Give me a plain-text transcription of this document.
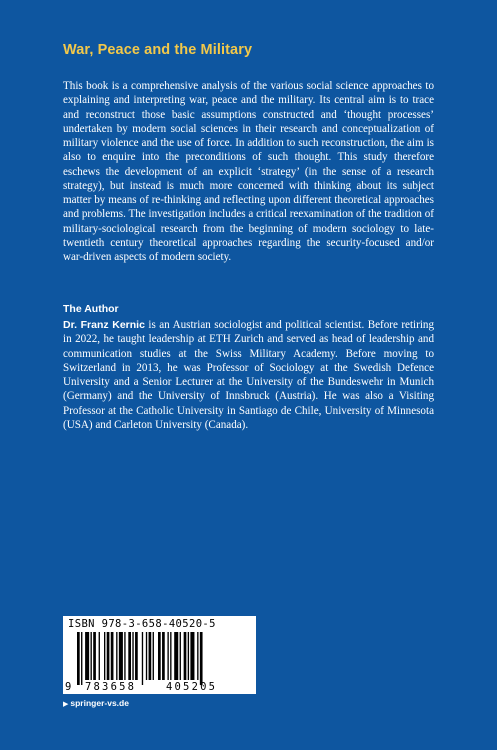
War, Peace and the Military

This book is a comprehensive analysis of the various social science approaches to explaining and interpreting war, peace and the military. Its central aim is to trace and reconstruct those basic assumptions constructed and ‘thought processes’ undertaken by modern social sciences in their research and conceptualization of military violence and the use of force. In addition to such reconstruction, the aim is also to enquire into the preconditions of such thought. This study therefore eschews the development of an explicit ‘strategy’ (in the sense of a research strategy), but instead is much more concerned with thinking about its subject matter by means of re-thinking and reflecting upon different theoretical approaches and problems. The investigation includes a critical reexamination of the tradition of military-sociological research from the beginning of modern sociology to late-twentieth century theoretical approaches regarding the security-focused and/or war-driven aspects of modern society.

The Author

Dr. Franz Kernic is an Austrian sociologist and political scientist. Before retiring in 2022, he taught leadership at ETH Zurich and served as head of leadership and communication studies at the Swiss Military Academy. Before moving to Switzerland in 2013, he was Professor of Sociology at the Swedish Defence University and a Senior Lecturer at the University of the Bundeswehr in Munich (Germany) and the University of Innsbruck (Austria). He was also a Visiting Professor at the Catholic University in Santiago de Chile, University of Minnesota (USA) and Carleton University (Canada).

ISBN 978-3-658-40520-5
9 783658	405205
▶ springer-vs.de
